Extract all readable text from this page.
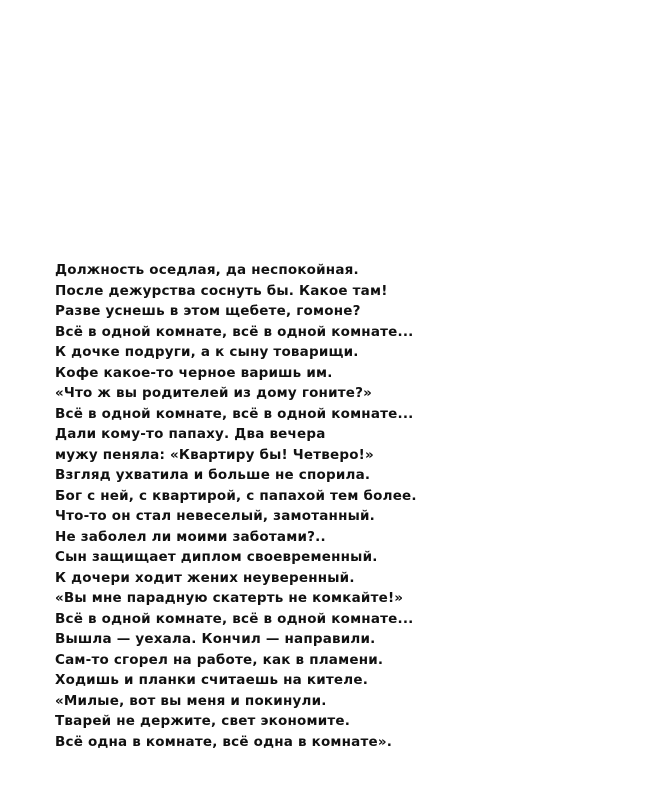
Должность оседлая, да неспокойная.
После дежурства соснуть бы. Какое там!
Разве уснешь в этом щебете, гомоне?
Всё в одной комнате, всё в одной комнате...
К дочке подруги, а к сыну товарищи.
Кофе какое-то черное варишь им.
«Что ж вы родителей из дому гоните?»
Всё в одной комнате, всё в одной комнате...
Дали кому-то папаху. Два вечера
мужу пеняла: «Квартиру бы! Четверо!»
Взгляд ухватила и больше не спорила.
Бог с ней, с квартирой, с папахой тем более.
Что-то он стал невеселый, замотанный.
Не заболел ли моими заботами?..
Сын защищает диплом своевременный.
К дочери ходит жених неуверенный.
«Вы мне парадную скатерть не комкайте!»
Всё в одной комнате, всё в одной комнате...
Вышла — уехала. Кончил — направили.
Сам-то сгорел на работе, как в пламени.
Ходишь и планки считаешь на кителе.
«Милые, вот вы меня и покинули.
Тварей не держите, свет экономите.
Всё одна в комнате, всё одна в комнате».
